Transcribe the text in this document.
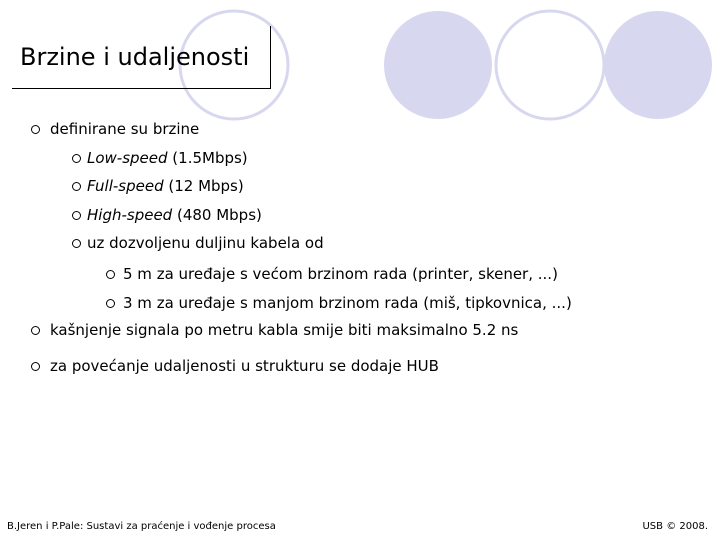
Brzine i udaljenosti
definirane su brzine
Low-speed (1.5Mbps)
Full-speed (12 Mbps)
High-speed (480 Mbps)
uz dozvoljenu duljinu kabela od
5 m za uređaje s većom brzinom rada (printer, skener, ...)
3 m za uređaje s manjom brzinom rada (miš, tipkovnica, ...)
kašnjenje signala po metru kabla smije biti maksimalno 5.2 ns
za povećanje udaljenosti u strukturu se dodaje HUB
B.Jeren i P.Pale: Sustavi za praćenje i vođenje procesa	USB © 2008.
